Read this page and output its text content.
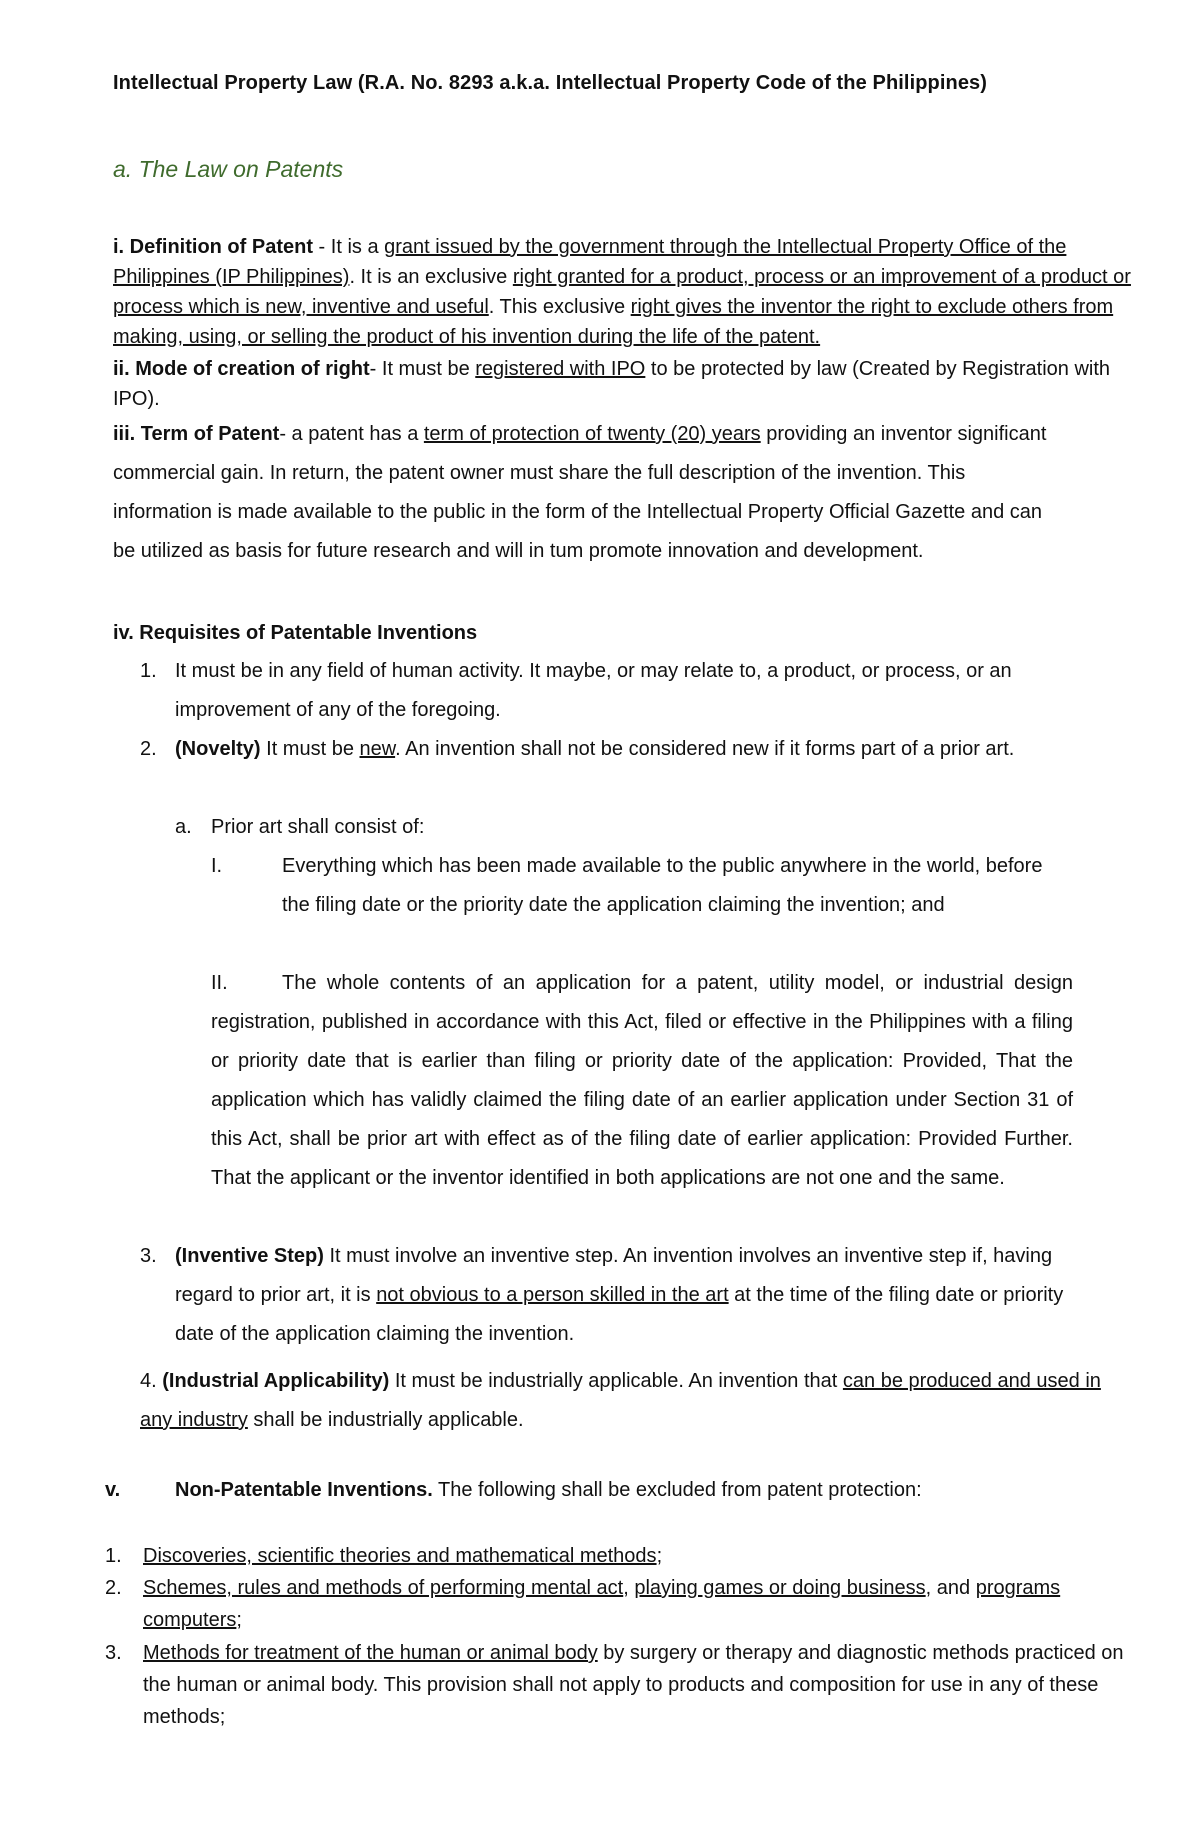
Intellectual Property Law (R.A. No. 8293 a.k.a. Intellectual Property Code of the Philippines)
a. The Law on Patents

i. Definition of Patent - It is a grant issued by the government through the Intellectual Property Office of the Philippines (IP Philippines). It is an exclusive right granted for a product, process or an improvement of a product or process which is new, inventive and useful. This exclusive right gives the inventor the right to exclude others from making, using, or selling the product of his invention during the life of the patent.

ii. Mode of creation of right- It must be registered with IPO to be protected by law (Created by Registration with IPO).

iii. Term of Patent- a patent has a term of protection of twenty (20) years providing an inventor significant commercial gain. In return, the patent owner must share the full description of the invention. This information is made available to the public in the form of the Intellectual Property Official Gazette and can be utilized as basis for future research and will in tum promote innovation and development.

iv. Requisites of Patentable Inventions

1. It must be in any field of human activity. It maybe, or may relate to, a product, or process, or an improvement of any of the foregoing.

2. (Novelty) It must be new. An invention shall not be considered new if it forms part of a prior art.

a. Prior art shall consist of:

I.	Everything which has been made available to the public anywhere in the world, before the filing date or the priority date the application claiming the invention; and

II.	The whole contents of an application for a patent, utility model, or industrial design registration, published in accordance with this Act, filed or effective in the Philippines with a filing or priority date that is earlier than filing or priority date of the application: Provided, That the application which has validly claimed the filing date of an earlier application under Section 31 of this Act, shall be prior art with effect as of the filing date of earlier application: Provided Further. That the applicant or the inventor identified in both applications are not one and the same.

3. (Inventive Step) It must involve an inventive step. An invention involves an inventive step if, having regard to prior art, it is not obvious to a person skilled in the art at the time of the filing date or priority date of the application claiming the invention.

4. (Industrial Applicability) It must be industrially applicable. An invention that can be produced and used in any industry shall be industrially applicable.

v.	Non-Patentable Inventions. The following shall be excluded from patent protection:

1. Discoveries, scientific theories and mathematical methods;

2. Schemes, rules and methods of performing mental act, playing games or doing business, and programs computers;

3. Methods for treatment of the human or animal body by surgery or therapy and diagnostic methods practiced on the human or animal body. This provision shall not apply to products and composition for use in any of these methods;
